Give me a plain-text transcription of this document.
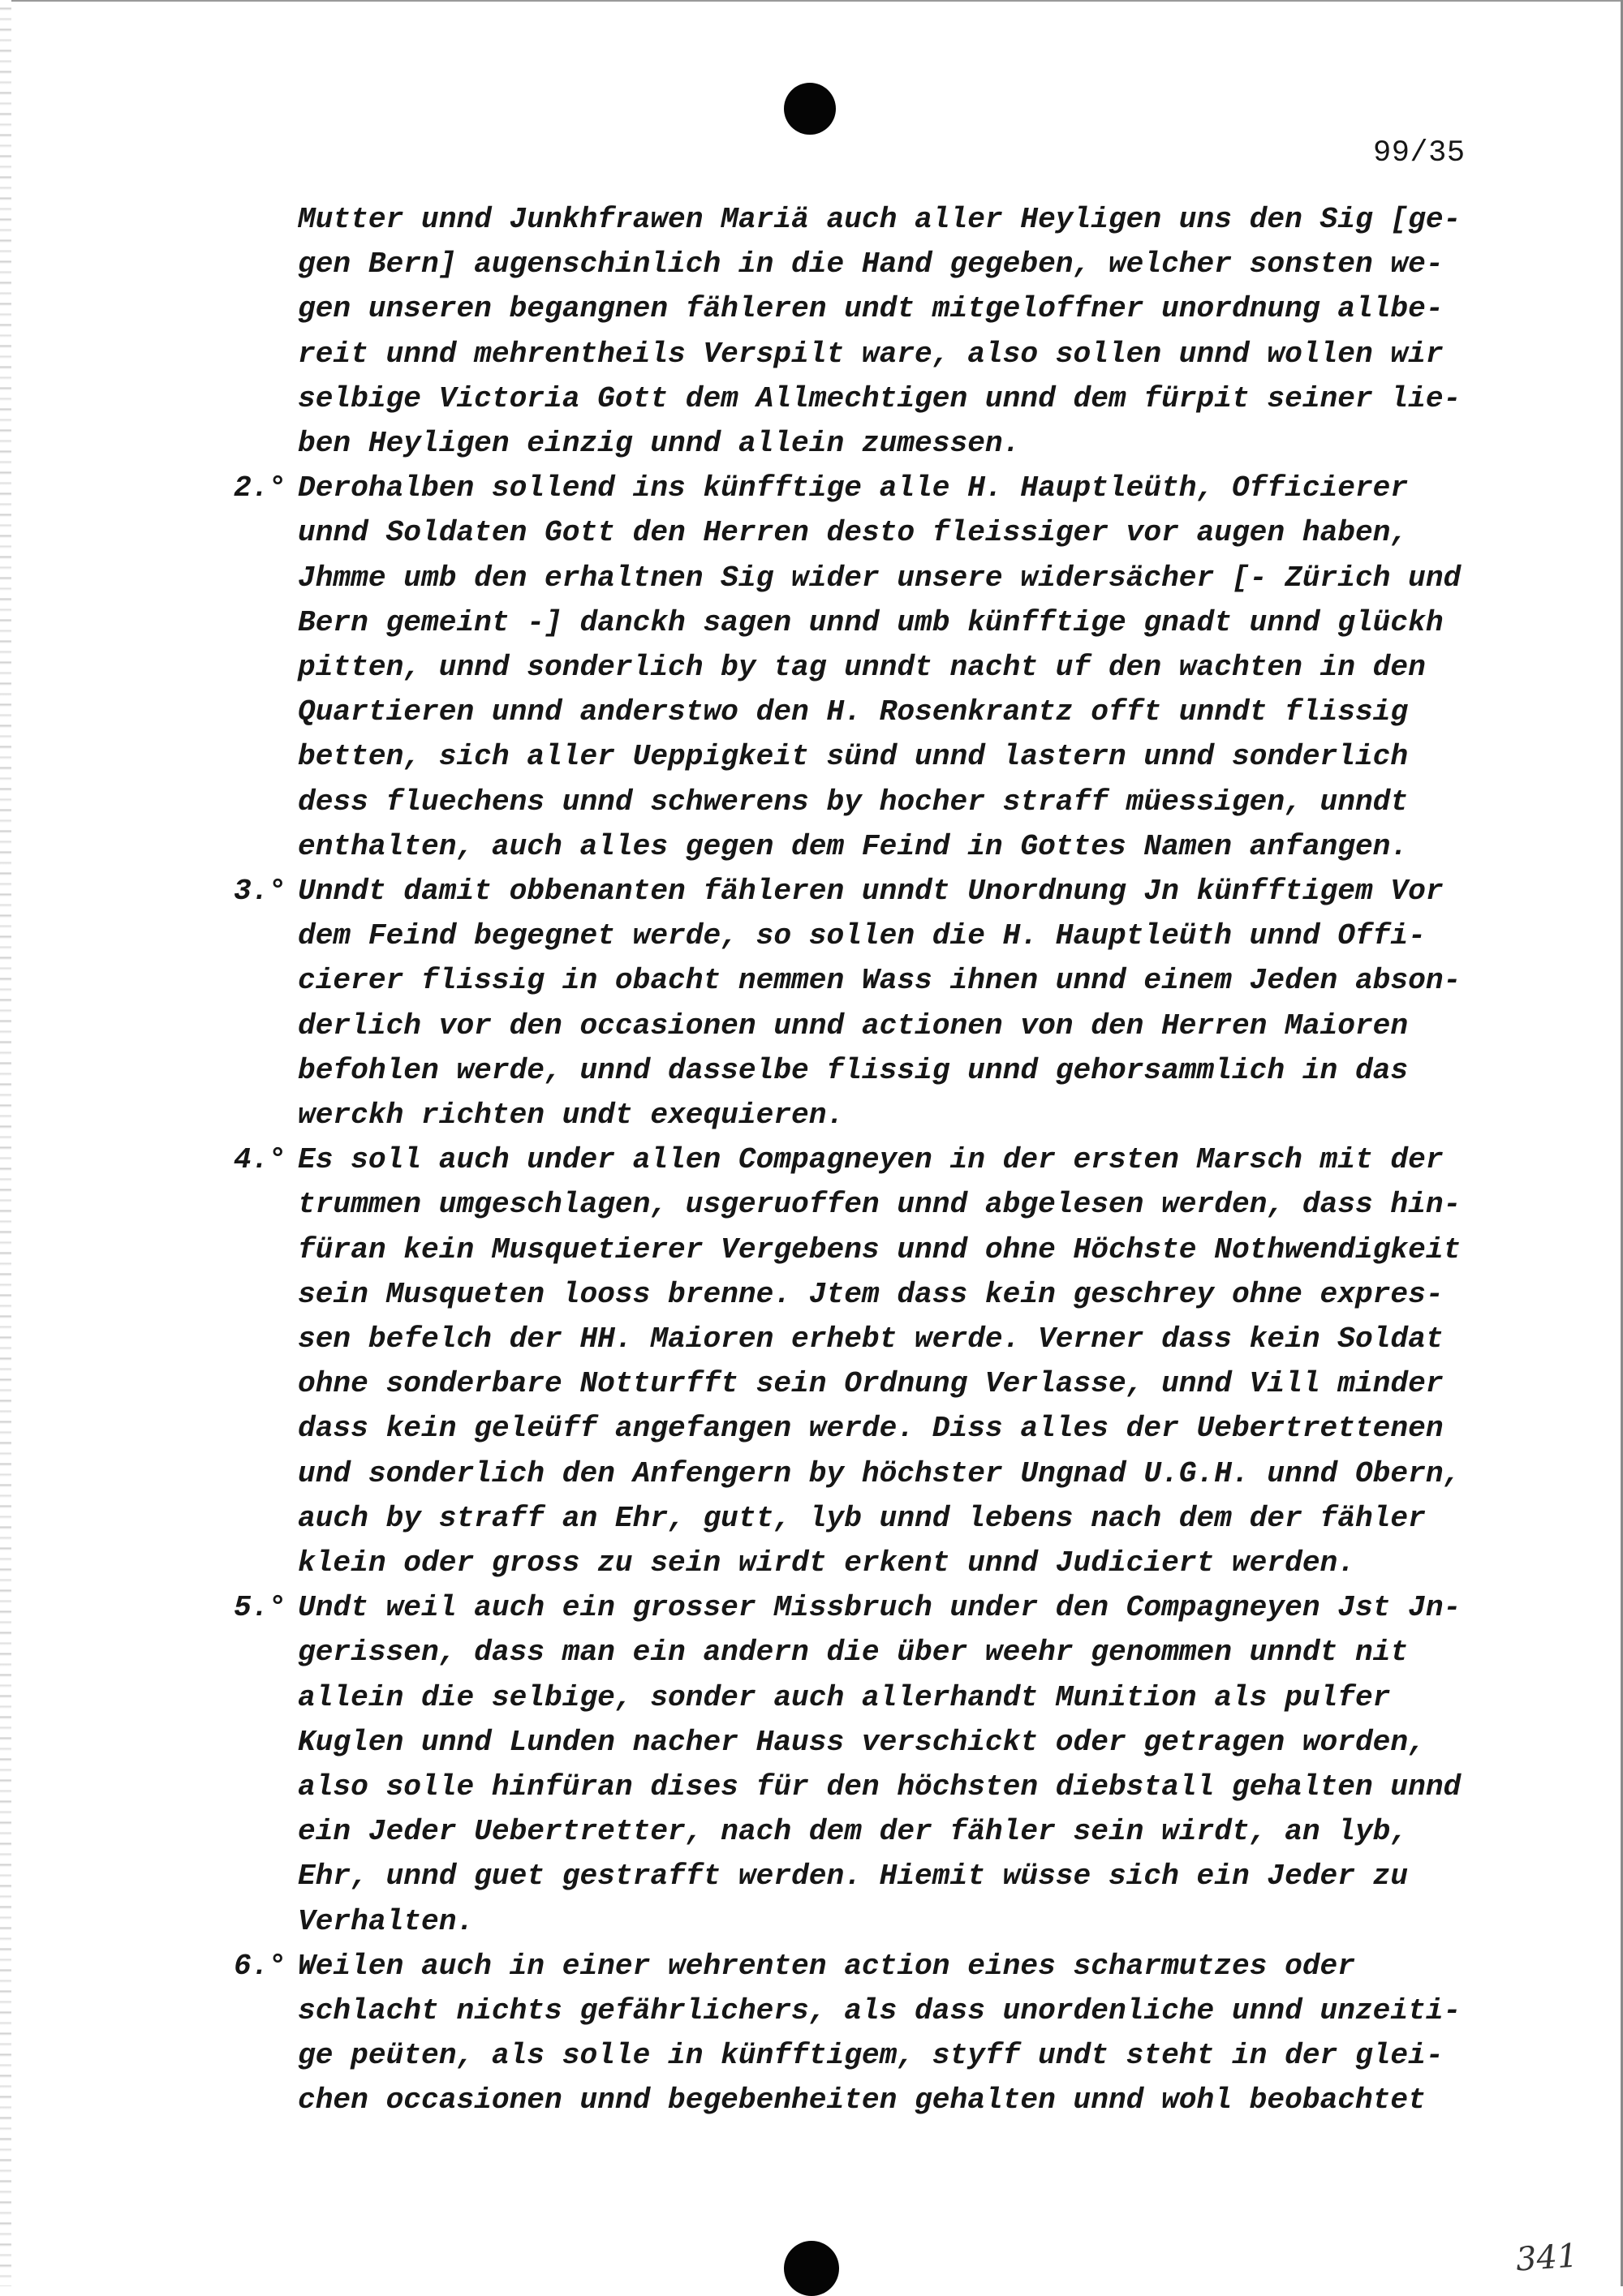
99/35
Mutter unnd Junkhfrawen Mariä auch aller Heyligen uns den Sig [ge-
gen Bern] augenschinlich in die Hand gegeben, welcher sonsten we-
gen unseren begangnen fähleren undt mitgeloffner unordnung allbe-
reit unnd mehrentheils Verspilt ware, also sollen unnd wollen wir
selbige Victoria Gott dem Allmechtigen unnd dem fürpit seiner lie-
ben Heyligen einzig unnd allein zumessen.
2.° Derohalben sollend ins künfftige alle H. Hauptleüth, Officierer
unnd Soldaten Gott den Herren desto fleissiger vor augen haben,
Jhmme umb den erhaltnen Sig wider unsere widersächer [- Zürich und
Bern gemeint -] danckh sagen unnd umb künfftige gnadt unnd glückh
pitten, unnd sonderlich by tag unndt nacht uf den wachten in den
Quartieren unnd anderstwo den H. Rosenkrantz offt unndt flissig
betten, sich aller Ueppigkeit sünd unnd lastern unnd sonderlich
dess fluechens unnd schwerens by hocher straff müessigen, unndt
enthalten, auch alles gegen dem Feind in Gottes Namen anfangen.
3.° Unndt damit obbenanten fähleren unndt Unordnung Jn künfftigem Vor
dem Feind begegnet werde, so sollen die H. Hauptleüth unnd Offi-
cierer flissig in obacht nemmen Wass ihnen unnd einem Jeden abson-
derlich vor den occasionen unnd actionen von den Herren Maioren
befohlen werde, unnd dasselbe flissig unnd gehorsammlich in das
werckh richten undt exequieren.
4.° Es soll auch under allen Compagneyen in der ersten Marsch mit der
trummen umgeschlagen, usgeruoffen unnd abgelesen werden, dass hin-
füran kein Musquetierer Vergebens unnd ohne Höchste Nothwendigkeit
sein Musqueten looss brenne. Jtem dass kein geschrey ohne expres-
sen befelch der HH. Maioren erhebt werde. Verner dass kein Soldat
ohne sonderbare Notturfft sein Ordnung Verlasse, unnd Vill minder
dass kein geleüff angefangen werde. Diss alles der Uebertrettenen
und sonderlich den Anfengern by höchster Ungnad U.G.H. unnd Obern,
auch by straff an Ehr, gutt, lyb unnd lebens nach dem der fähler
klein oder gross zu sein wirdt erkent unnd Judiciert werden.
5.° Undt weil auch ein grosser Missbruch under den Compagneyen Jst Jn-
gerissen, dass man ein andern die über weehr genommen unndt nit
allein die selbige, sonder auch allerhandt Munition als pulfer
Kuglen unnd Lunden nacher Hauss verschickt oder getragen worden,
also solle hinfüran dises für den höchsten diebstall gehalten unnd
ein Jeder Uebertretter, nach dem der fähler sein wirdt, an lyb,
Ehr, unnd guet gestrafft werden. Hiemit wüsse sich ein Jeder zu
Verhalten.
6.° Weilen auch in einer wehrenten action eines scharmutzes oder
schlacht nichts gefährlichers, als dass unordenliche unnd unzeiti-
ge peüten, als solle in künfftigem, styff undt steht in der glei-
chen occasionen unnd begebenheiten gehalten unnd wohl beobachtet
341
